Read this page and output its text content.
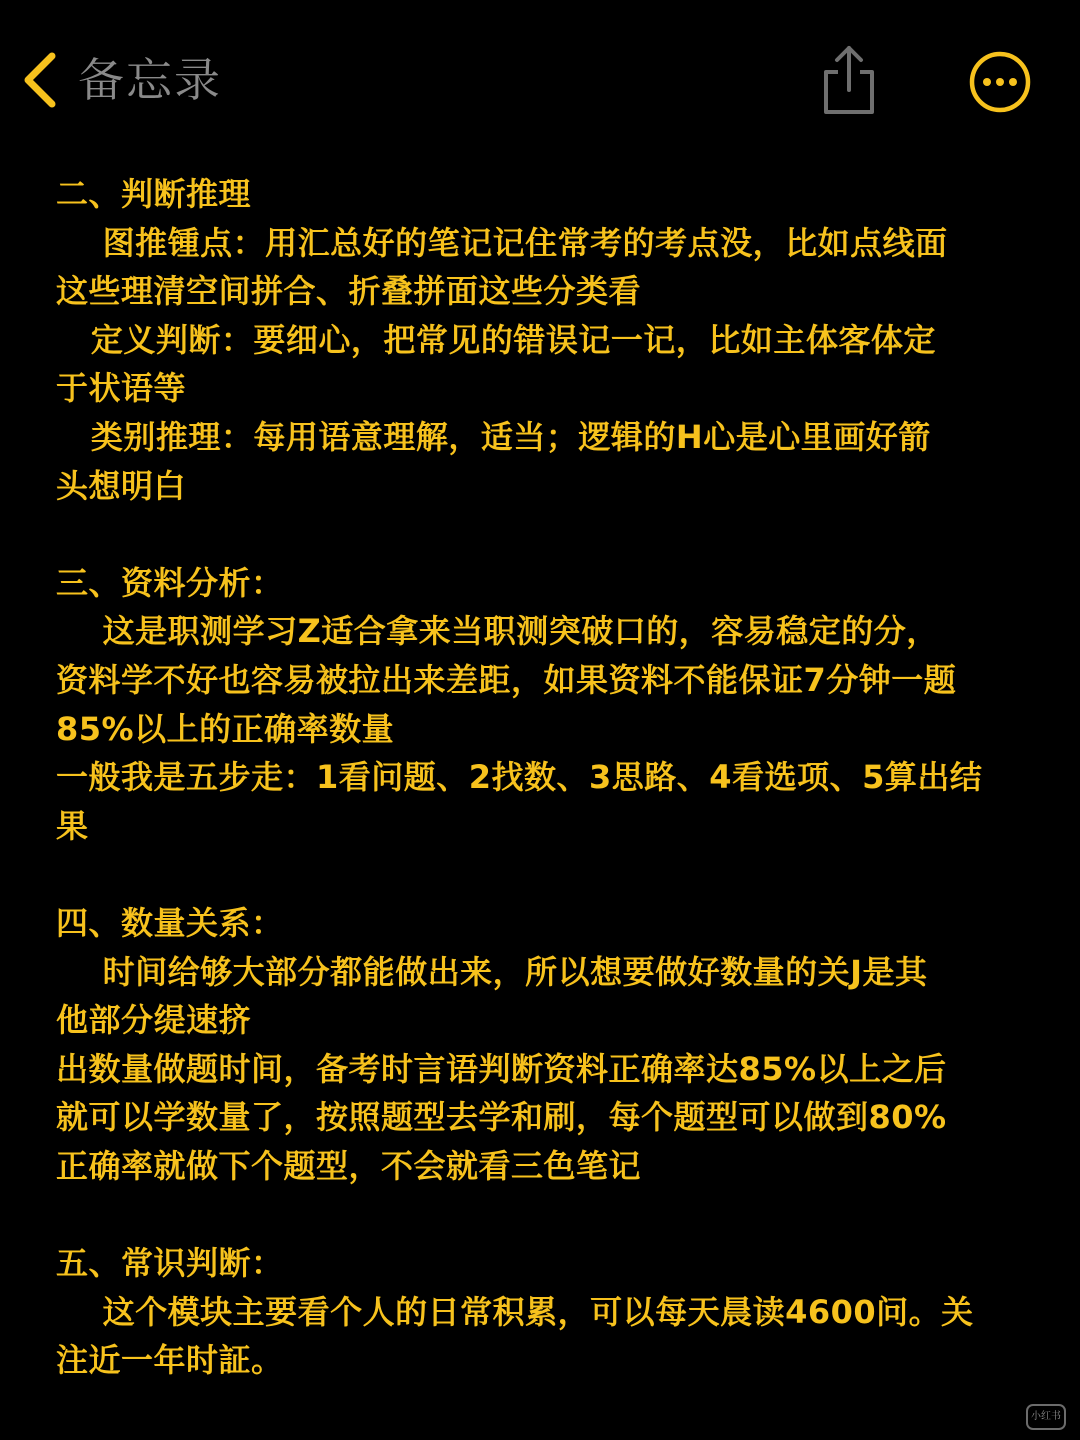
备忘录
二、判断推理
图推锺点：用汇总好的笔记记住常考的考点没，比如点线面
这些理清空间拼合、折叠拼面这些分类看
定义判断：要细心，把常见的错误记一记，比如主体客体定
于状语等
类别推理：每用语意理解，适当；逻辑的H心是心里画好箭
头想明白
三、资料分析：
这是职测学习Z适合拿来当职测突破口的，容易稳定的分，
资料学不好也容易被拉出来差距，如果资料不能保证7分钟一题
85%以上的正确率数量
一般我是五步走：1看问题、2找数、3思路、4看选项、5算出结
果
四、数量关系：
时间给够大部分都能做出来，所以想要做好数量的关J是其
他部分缇速挤
出数量做题时间，备考时言语判断资料正确率达85%以上之后
就可以学数量了，按照题型去学和刷，每个题型可以做到80%
正确率就做下个题型，不会就看三色笔记
五、常识判断：
这个模块主要看个人的日常积累，可以每天晨读4600问。关
注近一年时証。
小红书
